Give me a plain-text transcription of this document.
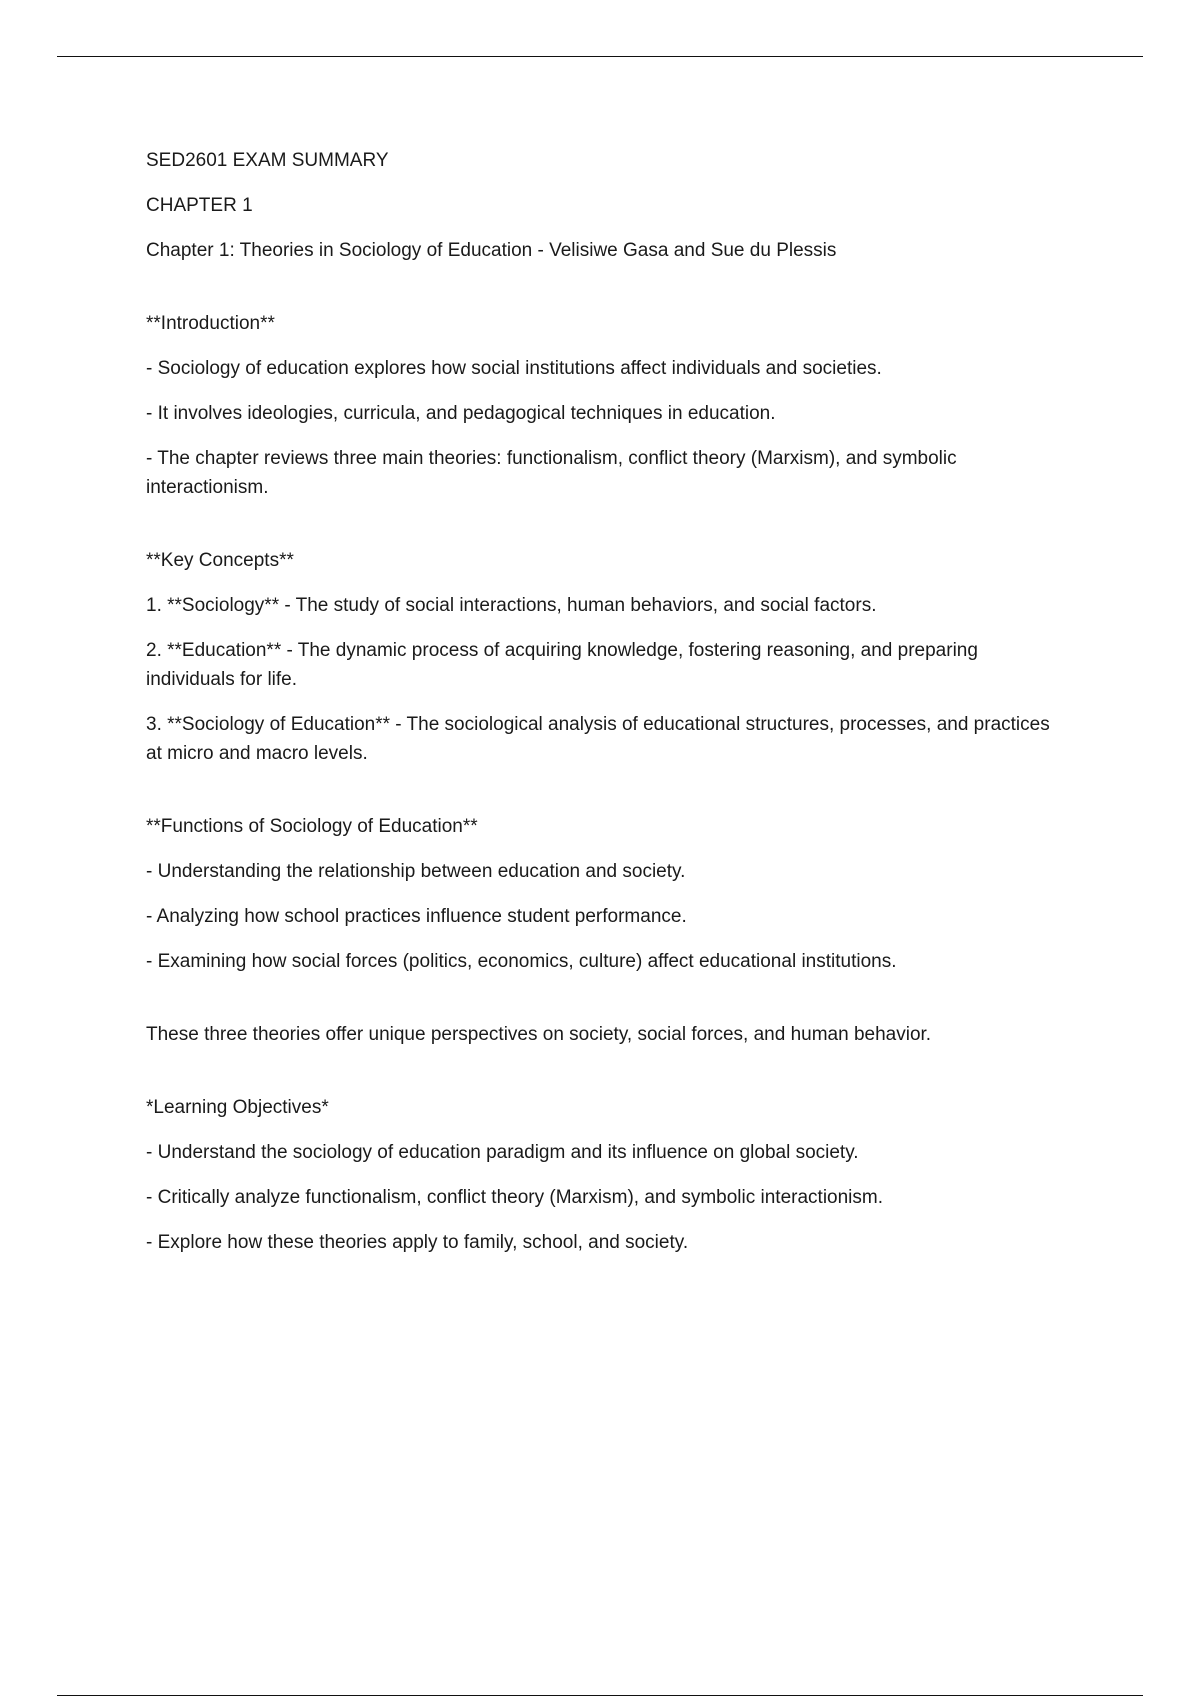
SED2601 EXAM SUMMARY

CHAPTER 1

Chapter 1: Theories in Sociology of Education - Velisiwe Gasa and Sue du Plessis

**Introduction**

- Sociology of education explores how social institutions affect individuals and societies.

- It involves ideologies, curricula, and pedagogical techniques in education.

- The chapter reviews three main theories: functionalism, conflict theory (Marxism), and symbolic interactionism.

**Key Concepts**

1. **Sociology** - The study of social interactions, human behaviors, and social factors.

2. **Education** - The dynamic process of acquiring knowledge, fostering reasoning, and preparing individuals for life.

3. **Sociology of Education** - The sociological analysis of educational structures, processes, and practices at micro and macro levels.

**Functions of Sociology of Education**

- Understanding the relationship between education and society.

- Analyzing how school practices influence student performance.

- Examining how social forces (politics, economics, culture) affect educational institutions.

These three theories offer unique perspectives on society, social forces, and human behavior.

*Learning Objectives*

- Understand the sociology of education paradigm and its influence on global society.

- Critically analyze functionalism, conflict theory (Marxism), and symbolic interactionism.

- Explore how these theories apply to family, school, and society.
